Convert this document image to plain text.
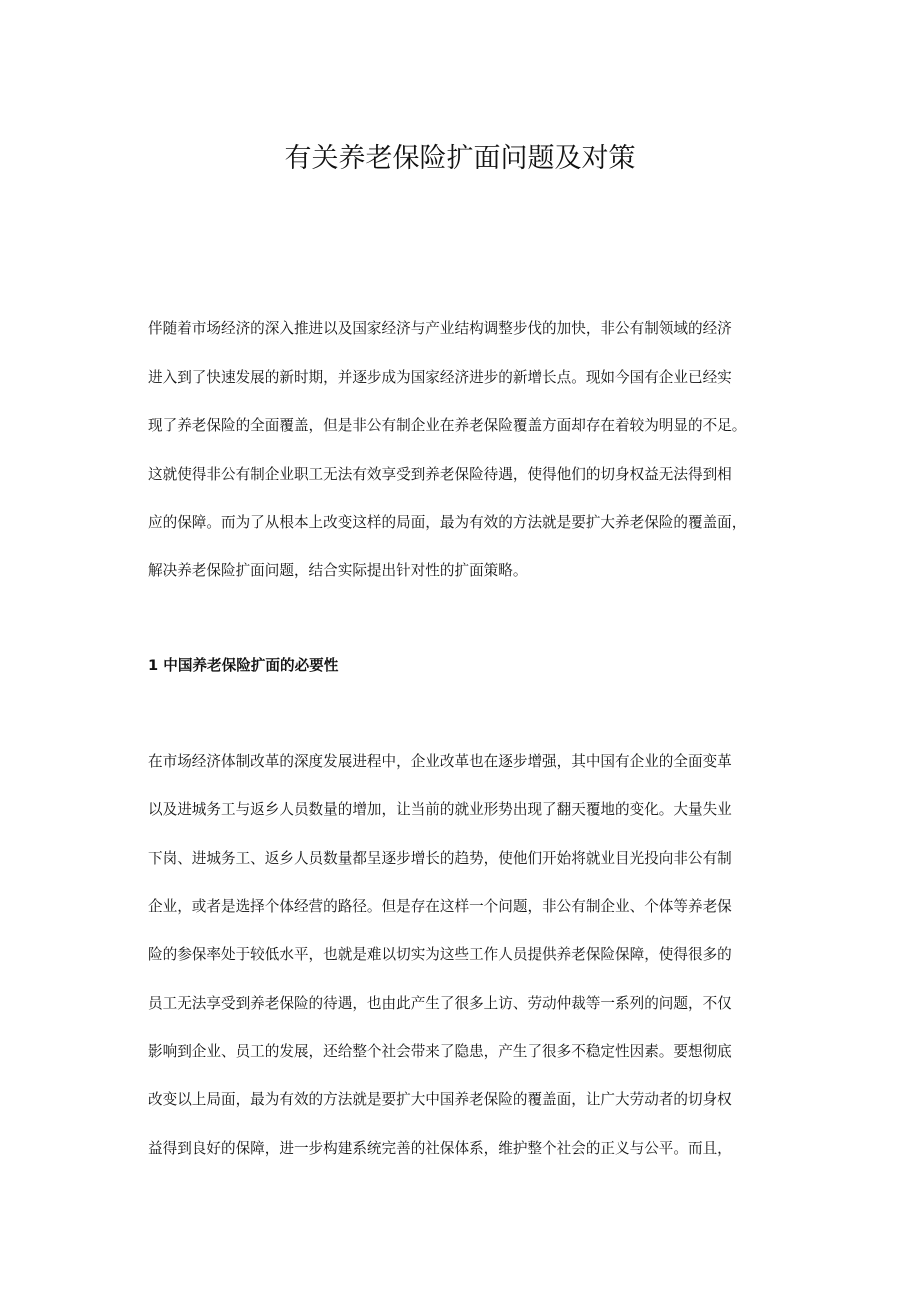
有关养老保险扩面问题及对策

伴随着市场经济的深入推进以及国家经济与产业结构调整步伐的加快，非公有制领域的经济

进入到了快速发展的新时期，并逐步成为国家经济进步的新增长点。现如今国有企业已经实

现了养老保险的全面覆盖，但是非公有制企业在养老保险覆盖方面却存在着较为明显的不足。

这就使得非公有制企业职工无法有效享受到养老保险待遇，使得他们的切身权益无法得到相

应的保障。而为了从根本上改变这样的局面，最为有效的方法就是要扩大养老保险的覆盖面，

解决养老保险扩面问题，结合实际提出针对性的扩面策略。

1 中国养老保险扩面的必要性

在市场经济体制改革的深度发展进程中，企业改革也在逐步增强，其中国有企业的全面变革

以及进城务工与返乡人员数量的增加，让当前的就业形势出现了翻天覆地的变化。大量失业

下岗、进城务工、返乡人员数量都呈逐步增长的趋势，使他们开始将就业目光投向非公有制

企业，或者是选择个体经营的路径。但是存在这样一个问题，非公有制企业、个体等养老保

险的参保率处于较低水平，也就是难以切实为这些工作人员提供养老保险保障，使得很多的

员工无法享受到养老保险的待遇，也由此产生了很多上访、劳动仲裁等一系列的问题，不仅

影响到企业、员工的发展，还给整个社会带来了隐患，产生了很多不稳定性因素。要想彻底

改变以上局面，最为有效的方法就是要扩大中国养老保险的覆盖面，让广大劳动者的切身权

益得到良好的保障，进一步构建系统完善的社保体系，维护整个社会的正义与公平。而且，
